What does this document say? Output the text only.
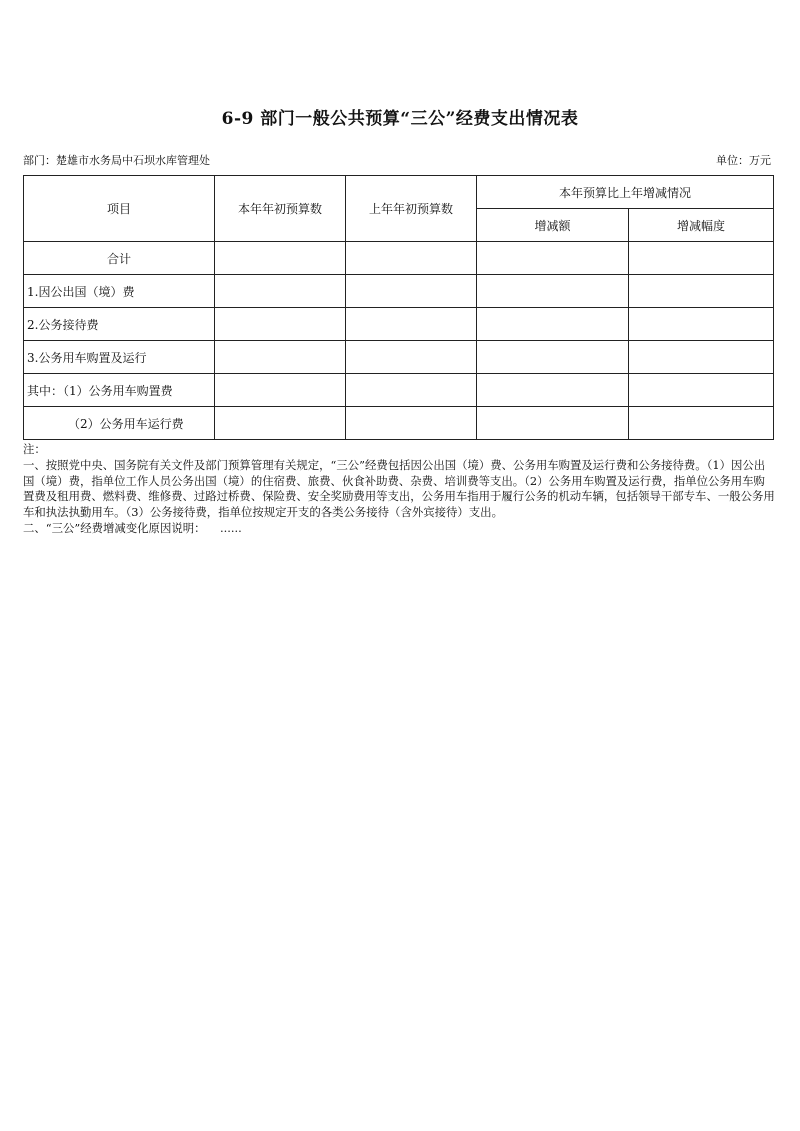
6-9 部门一般公共预算“三公”经费支出情况表
部门：楚雄市水务局中石坝水库管理处	单位：万元
项目	本年年初预算数	上年年初预算数	本年预算比上年增减情况	
			增减额	增减幅度
合计				
1.因公出国（境）费				
2.公务接待费				
3.公务用车购置及运行				
其中：（1）公务用车购置费				
（2）公务用车运行费				

注：

一、按照党中央、国务院有关文件及部门预算管理有关规定，“三公”经费包括因公出国（境）费、公务用车购置及运行费和公务接待费。（1）因公出国（境）费，指单位工作人员公务出国（境）的住宿费、旅费、伙食补助费、杂费、培训费等支出。（2）公务用车购置及运行费，指单位公务用车购置费及租用费、燃料费、维修费、过路过桥费、保险费、安全奖励费用等支出，公务用车指用于履行公务的机动车辆，包括领导干部专车、一般公务用车和执法执勤用车。（3）公务接待费，指单位按规定开支的各类公务接待（含外宾接待）支出。

二、“三公”经费增减变化原因说明：    ......
